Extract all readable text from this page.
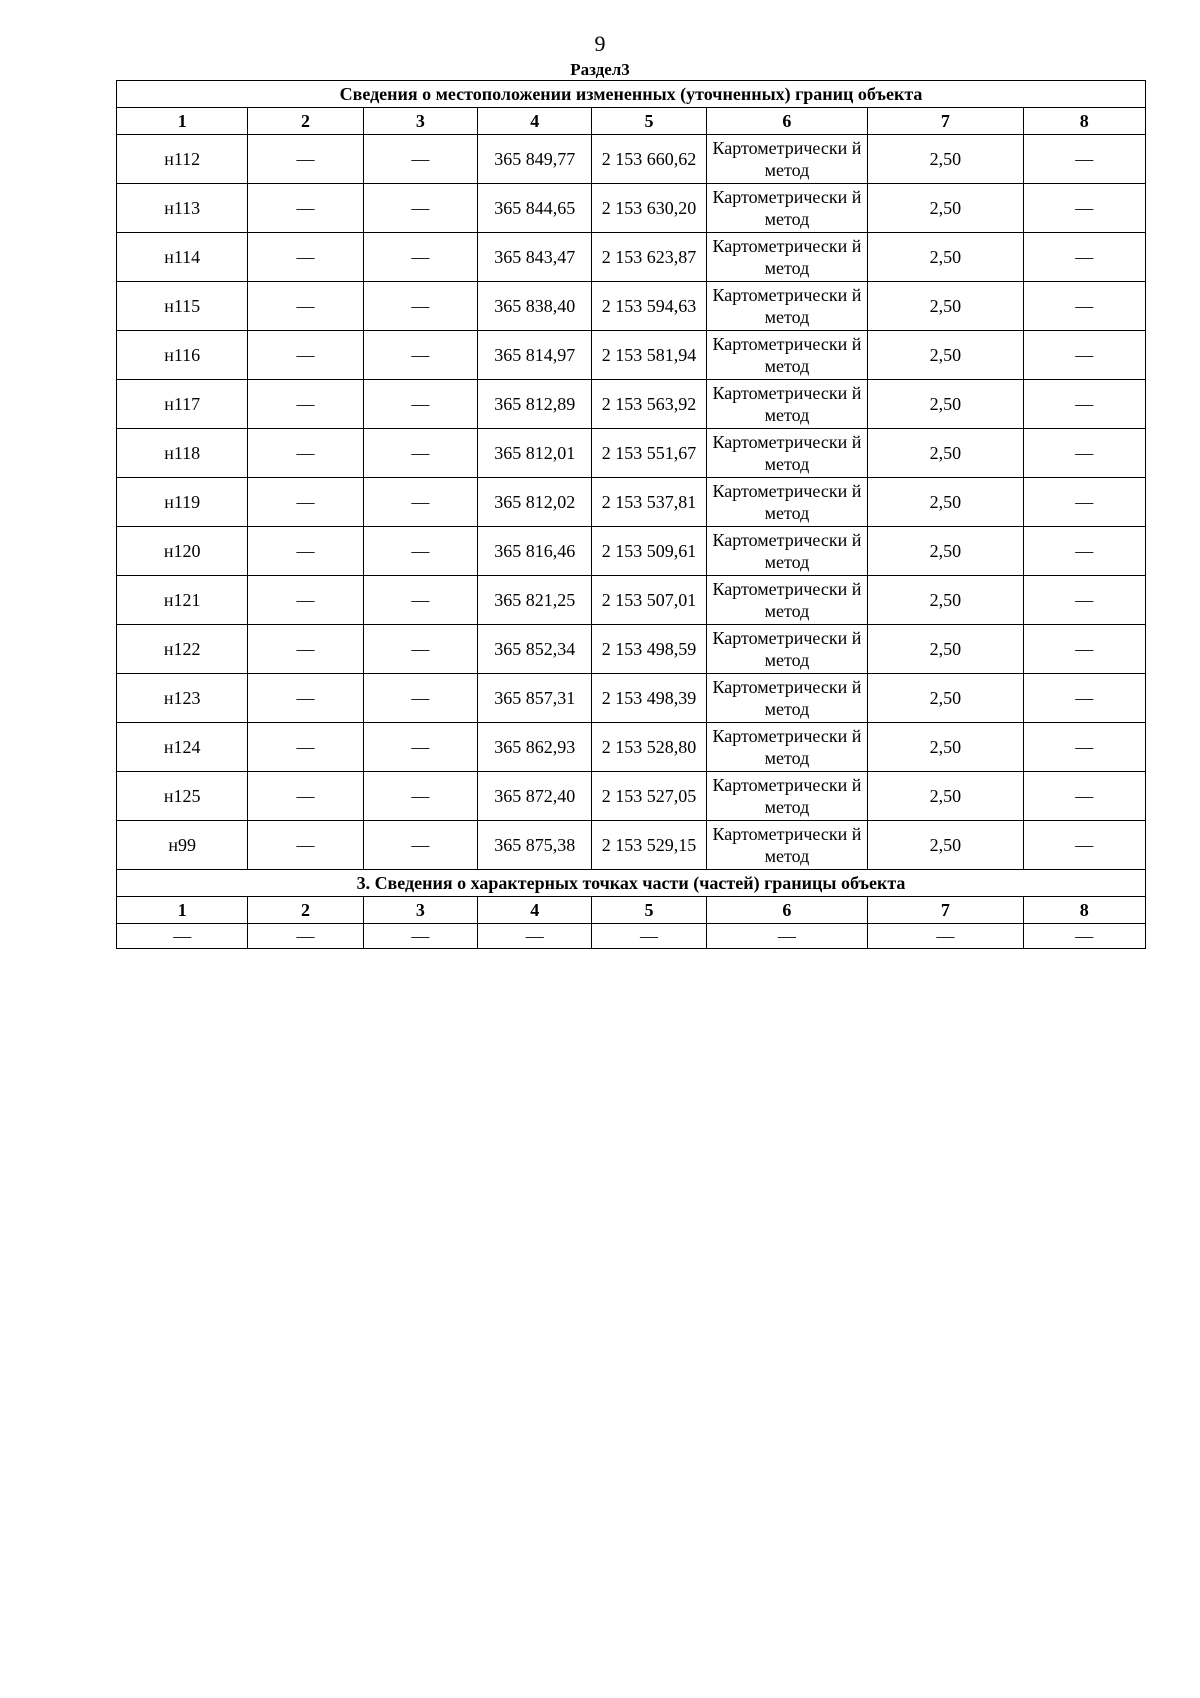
9
Раздел3
Сведения о местоположении измененных (уточненных) границ объекта							
1	2	3	4	5	6	7	8
н112	—	—	365 849,77	2 153 660,62	Картометрически й метод	2,50	—
н113	—	—	365 844,65	2 153 630,20	Картометрически й метод	2,50	—
н114	—	—	365 843,47	2 153 623,87	Картометрически й метод	2,50	—
н115	—	—	365 838,40	2 153 594,63	Картометрически й метод	2,50	—
н116	—	—	365 814,97	2 153 581,94	Картометрически й метод	2,50	—
н117	—	—	365 812,89	2 153 563,92	Картометрически й метод	2,50	—
н118	—	—	365 812,01	2 153 551,67	Картометрически й метод	2,50	—
н119	—	—	365 812,02	2 153 537,81	Картометрически й метод	2,50	—
н120	—	—	365 816,46	2 153 509,61	Картометрически й метод	2,50	—
н121	—	—	365 821,25	2 153 507,01	Картометрически й метод	2,50	—
н122	—	—	365 852,34	2 153 498,59	Картометрически й метод	2,50	—
н123	—	—	365 857,31	2 153 498,39	Картометрически й метод	2,50	—
н124	—	—	365 862,93	2 153 528,80	Картометрически й метод	2,50	—
н125	—	—	365 872,40	2 153 527,05	Картометрически й метод	2,50	—
н99	—	—	365 875,38	2 153 529,15	Картометрически й метод	2,50	—
3. Сведения о характерных точках части (частей) границы объекта							
1	2	3	4	5	6	7	8
—	—	—	—	—	—	—	—
